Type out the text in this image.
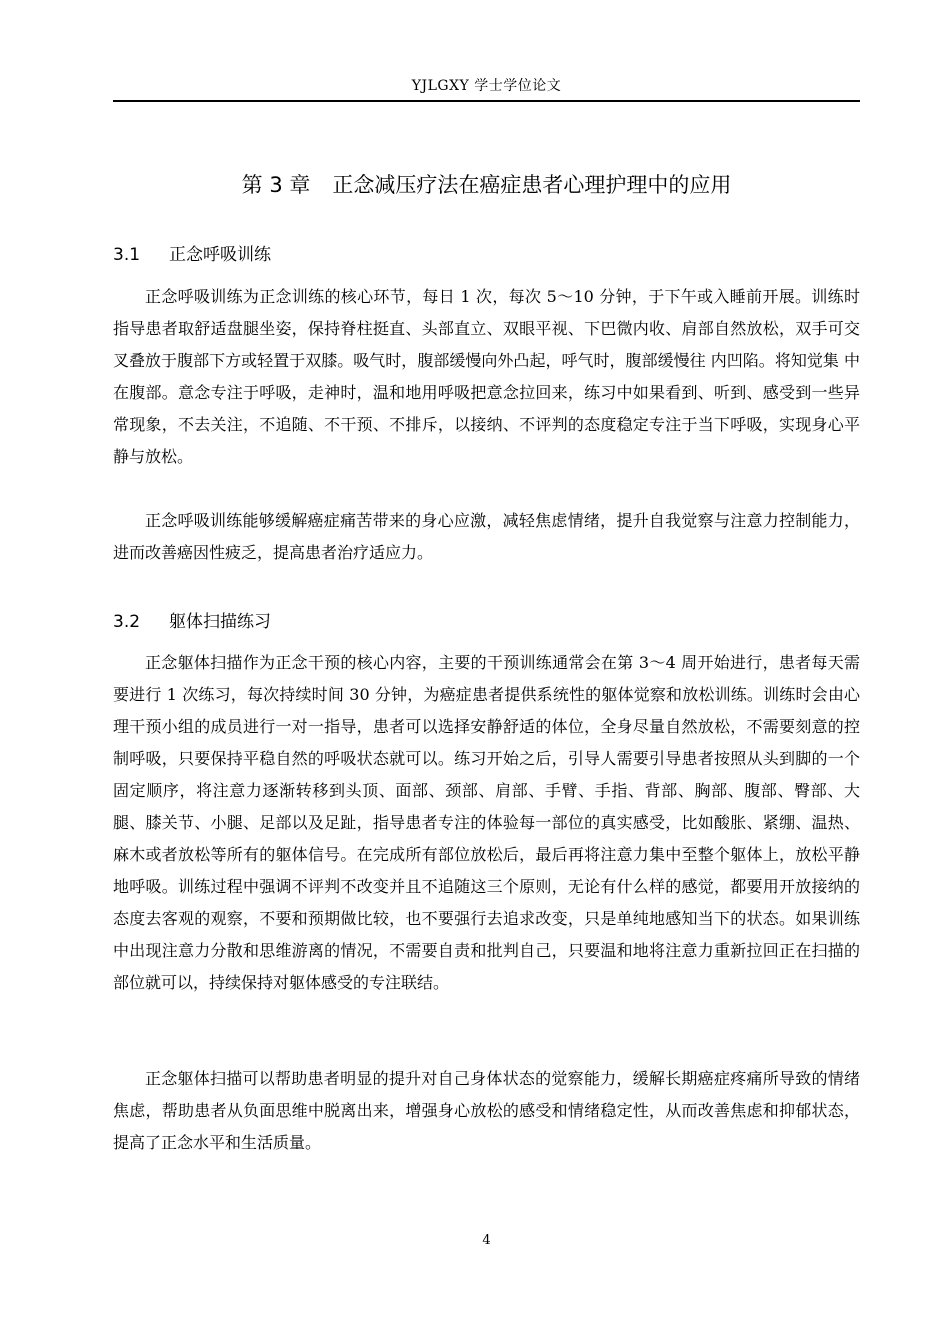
YJLGXY 学士学位论文
第 3 章 正念减压疗法在癌症患者心理护理中的应用
3.1 正念呼吸训练

正念呼吸训练为正念训练的核心环节，每日 1 次，每次 5～10 分钟，于下午或入睡前开展。训练时指导患者取舒适盘腿坐姿，保持脊柱挺直、头部直立、双眼平视、下巴微内收、肩部自然放松，双手可交叉叠放于腹部下方或轻置于双膝。吸气时，腹部缓慢向外凸起，呼气时，腹部缓慢往 内凹陷。将知觉集 中在腹部。意念专注于呼吸，走神时，温和地用呼吸把意念拉回来，练习中如果看到、听到、感受到一些异常现象，不去关注，不追随、不干预、不排斥，以接纳、不评判的态度稳定专注于当下呼吸，实现身心平静与放松。

正念呼吸训练能够缓解癌症痛苦带来的身心应激，减轻焦虑情绪，提升自我觉察与注意力控制能力，进而改善癌因性疲乏，提高患者治疗适应力。

3.2 躯体扫描练习

正念躯体扫描作为正念干预的核心内容，主要的干预训练通常会在第 3～4 周开始进行，患者每天需要进行 1 次练习，每次持续时间 30 分钟，为癌症患者提供系统性的躯体觉察和放松训练。训练时会由心理干预小组的成员进行一对一指导，患者可以选择安静舒适的体位，全身尽量自然放松，不需要刻意的控制呼吸，只要保持平稳自然的呼吸状态就可以。练习开始之后，引导人需要引导患者按照从头到脚的一个固定顺序，将注意力逐渐转移到头顶、面部、颈部、肩部、手臂、手指、背部、胸部、腹部、臀部、大腿、膝关节、小腿、足部以及足趾，指导患者专注的体验每一部位的真实感受，比如酸胀、紧绷、温热、麻木或者放松等所有的躯体信号。在完成所有部位放松后，最后再将注意力集中至整个躯体上，放松平静地呼吸。训练过程中强调不评判不改变并且不追随这三个原则，无论有什么样的感觉，都要用开放接纳的态度去客观的观察，不要和预期做比较，也不要强行去追求改变，只是单纯地感知当下的状态。如果训练中出现注意力分散和思维游离的情况，不需要自责和批判自己，只要温和地将注意力重新拉回正在扫描的部位就可以，持续保持对躯体感受的专注联结。

正念躯体扫描可以帮助患者明显的提升对自己身体状态的觉察能力，缓解长期癌症疼痛所导致的情绪焦虑，帮助患者从负面思维中脱离出来，增强身心放松的感受和情绪稳定性，从而改善焦虑和抑郁状态，提高了正念水平和生活质量。

4
